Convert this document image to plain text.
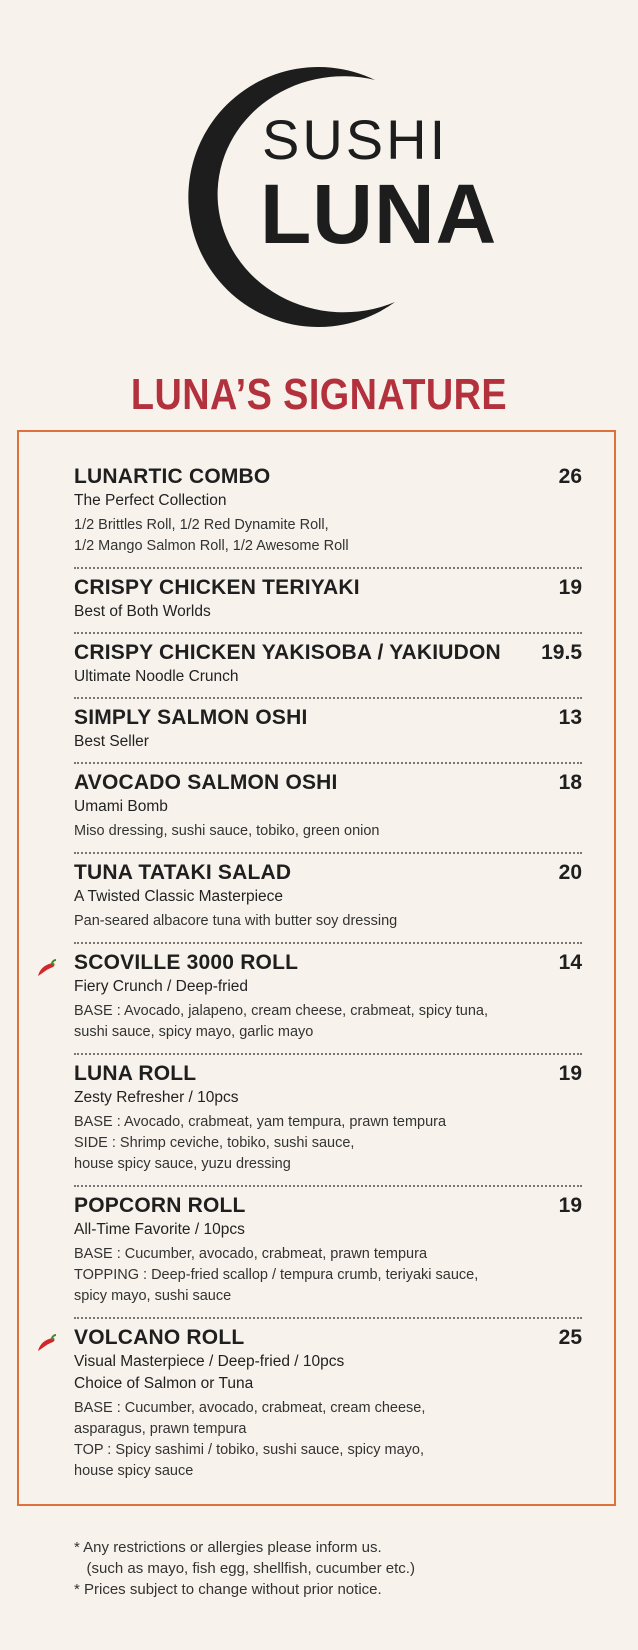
SUSHI
LUNA
LUNA’S SIGNATURE
LUNARTIC COMBO	26
The Perfect Collection
1/2 Brittles Roll, 1/2 Red Dynamite Roll,
1/2 Mango Salmon Roll, 1/2 Awesome Roll
CRISPY CHICKEN TERIYAKI	19
Best of Both Worlds
CRISPY CHICKEN YAKISOBA / YAKIUDON 19.5
Ultimate Noodle Crunch
SIMPLY SALMON OSHI	13
Best Seller
AVOCADO SALMON OSHI	18
Umami Bomb
Miso dressing, sushi sauce, tobiko, green onion
TUNA TATAKI SALAD	20
A Twisted Classic Masterpiece
Pan-seared albacore tuna with butter soy dressing
SCOVILLE 3000 ROLL	14
Fiery Crunch / Deep-fried
BASE : Avocado, jalapeno, cream cheese, crabmeat, spicy tuna,
sushi sauce, spicy mayo, garlic mayo
LUNA ROLL	19
Zesty Refresher / 10pcs
BASE : Avocado, crabmeat, yam tempura, prawn tempura
SIDE : Shrimp ceviche, tobiko, sushi sauce,
house spicy sauce, yuzu dressing
POPCORN ROLL	19
All-Time Favorite / 10pcs
BASE : Cucumber, avocado, crabmeat, prawn tempura
TOPPING : Deep-fried scallop / tempura crumb, teriyaki sauce,
spicy mayo, sushi sauce
VOLCANO ROLL	25
Visual Masterpiece / Deep-fried / 10pcs
Choice of Salmon or Tuna
BASE : Cucumber, avocado, crabmeat, cream cheese,
asparagus, prawn tempura
TOP : Spicy sashimi / tobiko, sushi sauce, spicy mayo,
house spicy sauce
* Any restrictions or allergies please inform us.
(such as mayo, fish egg, shellfish, cucumber etc.)
* Prices subject to change without prior notice.
